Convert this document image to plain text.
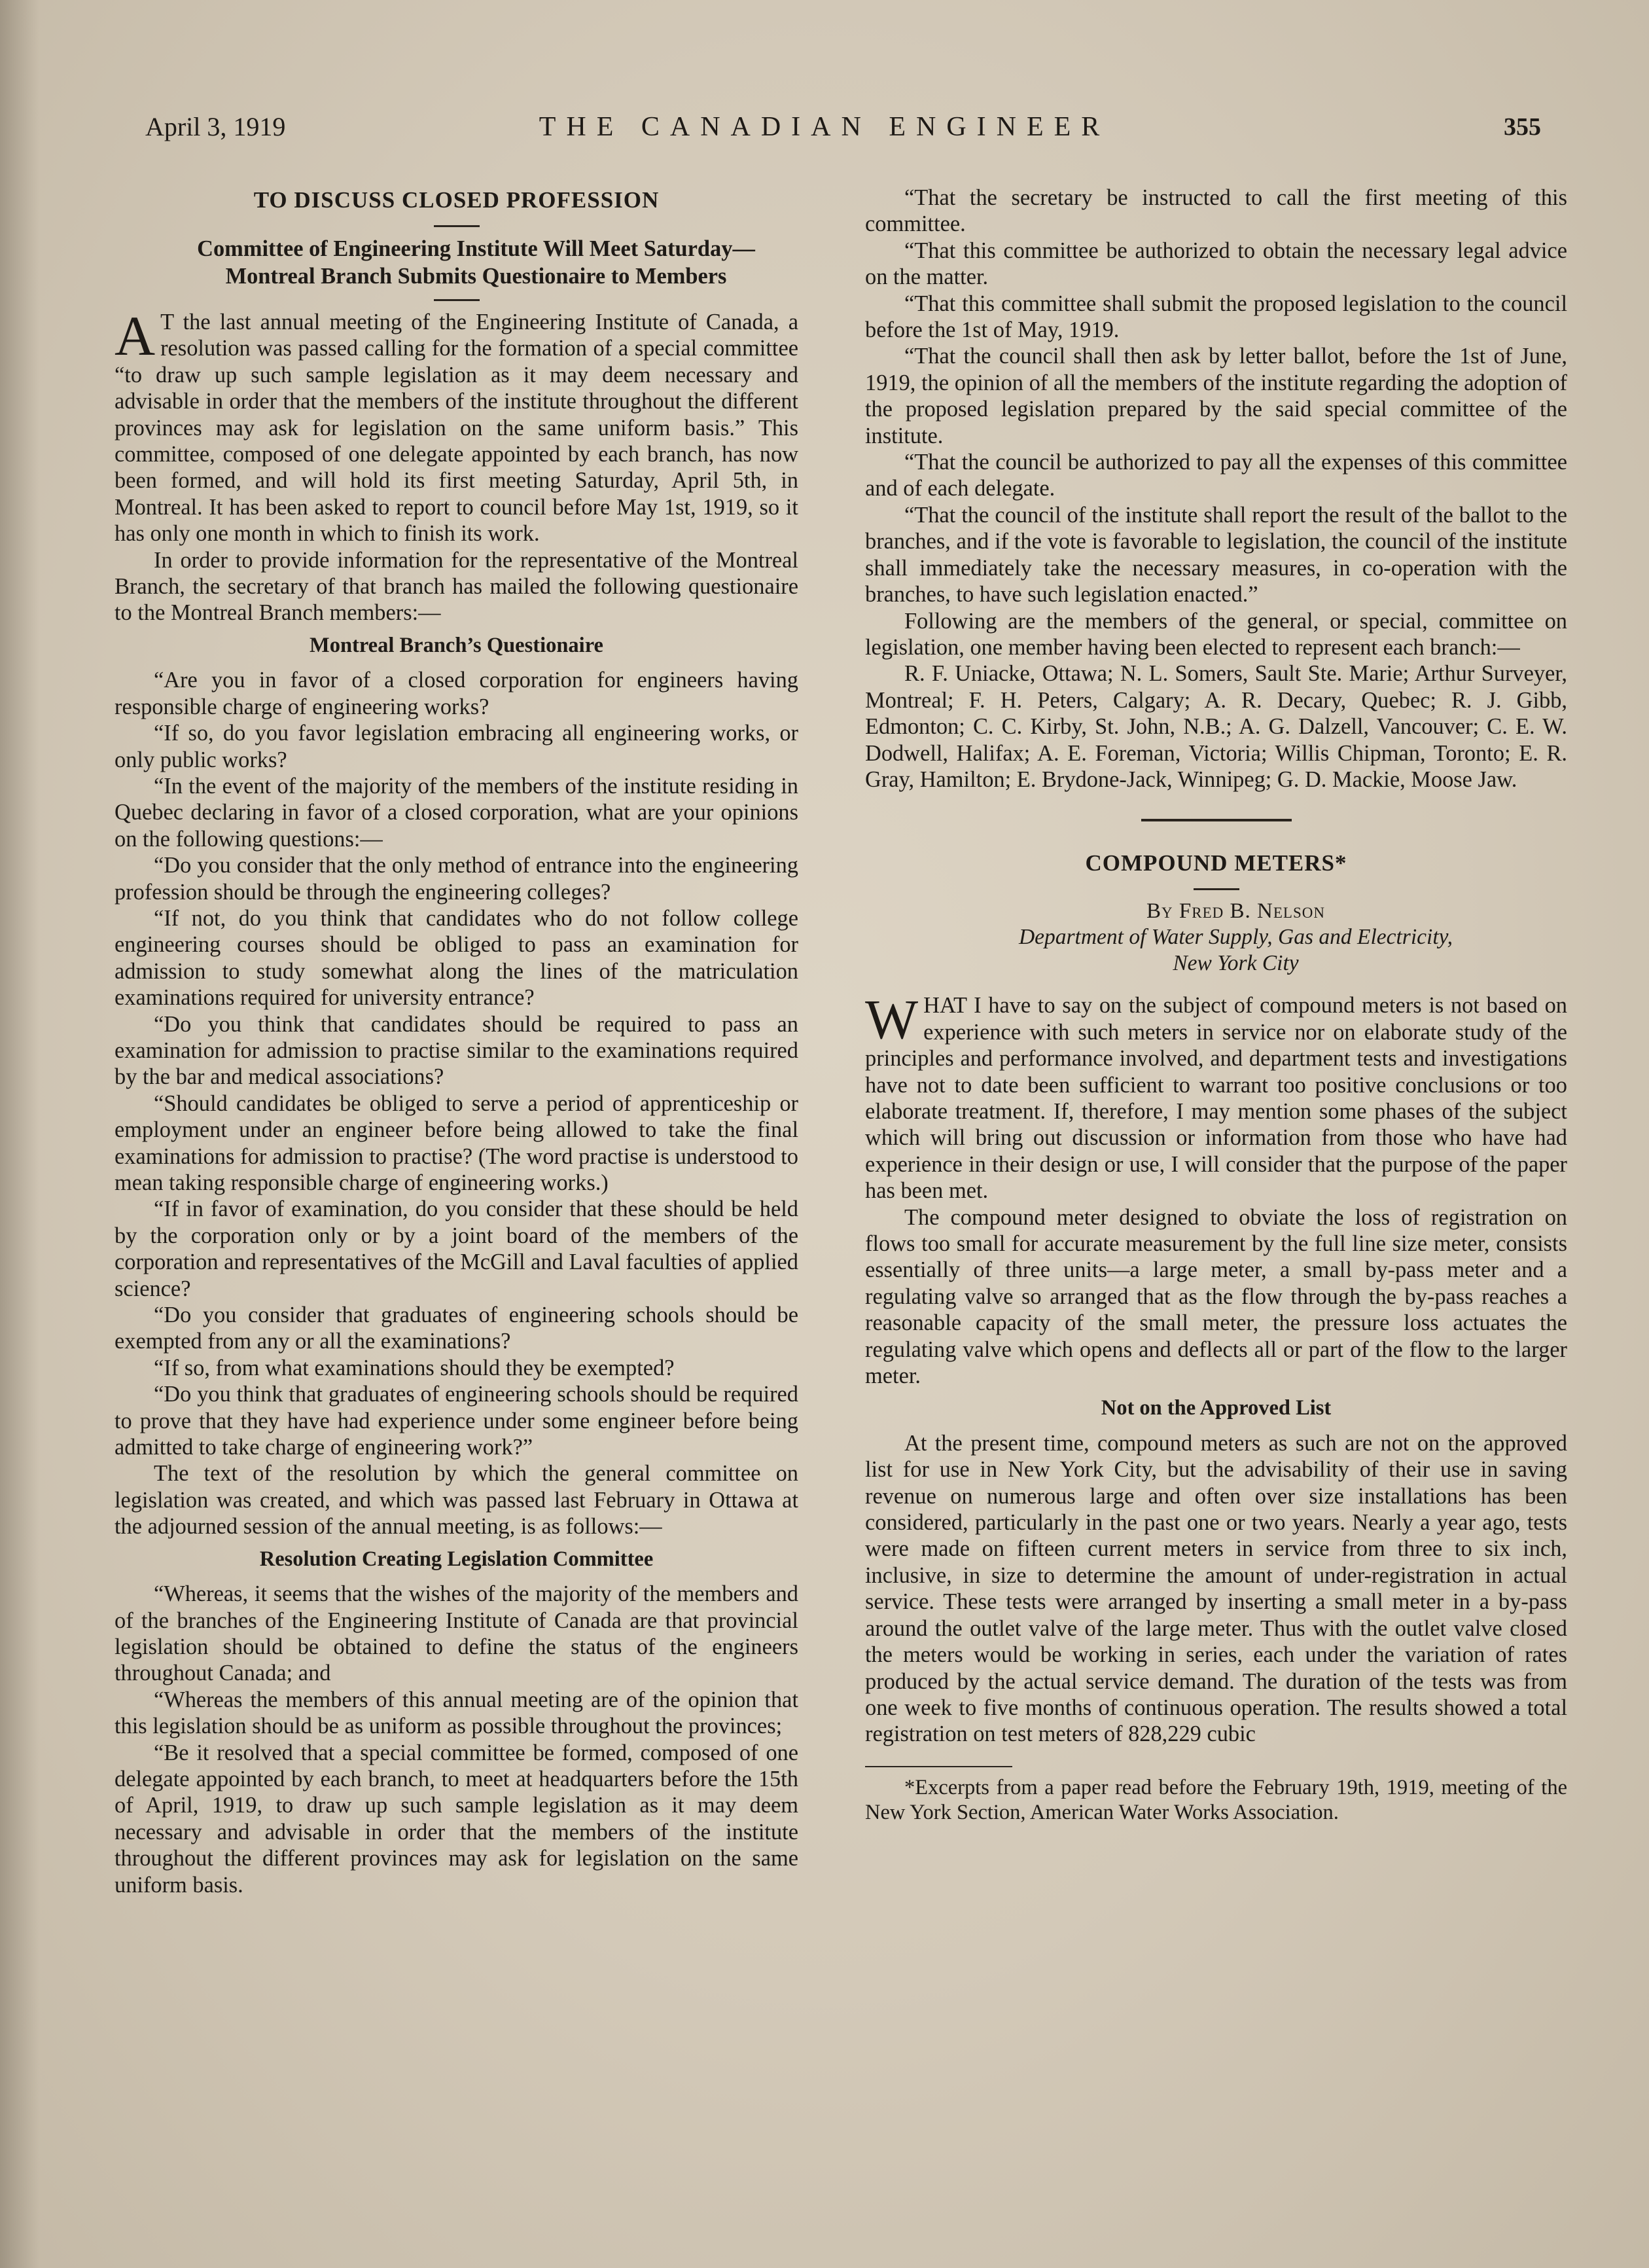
April 3, 1919	THE CANADIAN ENGINEER	355
TO DISCUSS CLOSED PROFESSION

Committee of Engineering Institute Will Meet Saturday—

Montreal Branch Submits Questionaire to Members

A T the last annual meeting of the Engineering Institute of Canada, a resolution was passed calling for the formation of a special committee “to draw up such sample legislation as it may deem necessary and advisable in order that the members of the institute throughout the different provinces may ask for legislation on the same uniform basis.” This committee, composed of one delegate appointed by each branch, has now been formed, and will hold its first meeting Saturday, April 5th, in Montreal. It has been asked to report to council before May 1st, 1919, so it has only one month in which to finish its work.

In order to provide information for the representative of the Montreal Branch, the secretary of that branch has mailed the following questionaire to the Montreal Branch members:—

Montreal Branch’s Questionaire

“Are you in favor of a closed corporation for engineers having responsible charge of engineering works?

“If so, do you favor legislation embracing all engineering works, or only public works?

“In the event of the majority of the members of the institute residing in Quebec declaring in favor of a closed corporation, what are your opinions on the following questions:—

“Do you consider that the only method of entrance into the engineering profession should be through the engineering colleges?

“If not, do you think that candidates who do not follow college engineering courses should be obliged to pass an examination for admission to study somewhat along the lines of the matriculation examinations required for university entrance?

“Do you think that candidates should be required to pass an examination for admission to practise similar to the examinations required by the bar and medical associations?

“Should candidates be obliged to serve a period of apprenticeship or employment under an engineer before being allowed to take the final examinations for admission to practise? (The word practise is understood to mean taking responsible charge of engineering works.)

“If in favor of examination, do you consider that these should be held by the corporation only or by a joint board of the members of the corporation and representatives of the McGill and Laval faculties of applied science?

“Do you consider that graduates of engineering schools should be exempted from any or all the examinations?

“If so, from what examinations should they be exempted?

“Do you think that graduates of engineering schools should be required to prove that they have had experience under some engineer before being admitted to take charge of engineering work?”

The text of the resolution by which the general committee on legislation was created, and which was passed last February in Ottawa at the adjourned session of the annual meeting, is as follows:—

Resolution Creating Legislation Committee

“Whereas, it seems that the wishes of the majority of the members and of the branches of the Engineering Institute of Canada are that provincial legislation should be obtained to define the status of the engineers throughout Canada; and

“Whereas the members of this annual meeting are of the opinion that this legislation should be as uniform as possible throughout the provinces;

“Be it resolved that a special committee be formed, composed of one delegate appointed by each branch, to meet at headquarters before the 15th of April, 1919, to draw up such sample legislation as it may deem necessary and advisable in order that the members of the institute throughout the different provinces may ask for legislation on the same uniform basis.

“That the secretary be instructed to call the first meeting of this committee.

“That this committee be authorized to obtain the necessary legal advice on the matter.

“That this committee shall submit the proposed legislation to the council before the 1st of May, 1919.

“That the council shall then ask by letter ballot, before the 1st of June, 1919, the opinion of all the members of the institute regarding the adoption of the proposed legislation prepared by the said special committee of the institute.

“That the council be authorized to pay all the expenses of this committee and of each delegate.

“That the council of the institute shall report the result of the ballot to the branches, and if the vote is favorable to legislation, the council of the institute shall immediately take the necessary measures, in co-operation with the branches, to have such legislation enacted.”

Following are the members of the general, or special, committee on legislation, one member having been elected to represent each branch:—

R. F. Uniacke, Ottawa; N. L. Somers, Sault Ste. Marie; Arthur Surveyer, Montreal; F. H. Peters, Calgary; A. R. Decary, Quebec; R. J. Gibb, Edmonton; C. C. Kirby, St. John, N.B.; A. G. Dalzell, Vancouver; C. E. W. Dodwell, Halifax; A. E. Foreman, Victoria; Willis Chipman, Toronto; E. R. Gray, Hamilton; E. Brydone-Jack, Winnipeg; G. D. Mackie, Moose Jaw.

COMPOUND METERS*

By Fred B. Nelson

Department of Water Supply, Gas and Electricity,

New York City

WHAT I have to say on the subject of compound meters is not based on experience with such meters in service nor on elaborate study of the principles and performance involved, and department tests and investigations have not to date been sufficient to warrant too positive conclusions or too elaborate treatment. If, therefore, I may mention some phases of the subject which will bring out discussion or information from those who have had experience in their design or use, I will consider that the purpose of the paper has been met.

The compound meter designed to obviate the loss of registration on flows too small for accurate measurement by the full line size meter, consists essentially of three units—a large meter, a small by-pass meter and a regulating valve so arranged that as the flow through the by-pass reaches a reasonable capacity of the small meter, the pressure loss actuates the regulating valve which opens and deflects all or part of the flow to the larger meter.

Not on the Approved List

At the present time, compound meters as such are not on the approved list for use in New York City, but the advisability of their use in saving revenue on numerous large and often over size installations has been considered, particularly in the past one or two years. Nearly a year ago, tests were made on fifteen current meters in service from three to six inch, inclusive, in size to determine the amount of under-registration in actual service. These tests were arranged by inserting a small meter in a by-pass around the outlet valve of the large meter. Thus with the outlet valve closed the meters would be working in series, each under the variation of rates produced by the actual service demand. The duration of the tests was from one week to five months of continuous operation. The results showed a total registration on test meters of 828,229 cubic

*Excerpts from a paper read before the February 19th, 1919, meeting of the New York Section, American Water Works Association.
